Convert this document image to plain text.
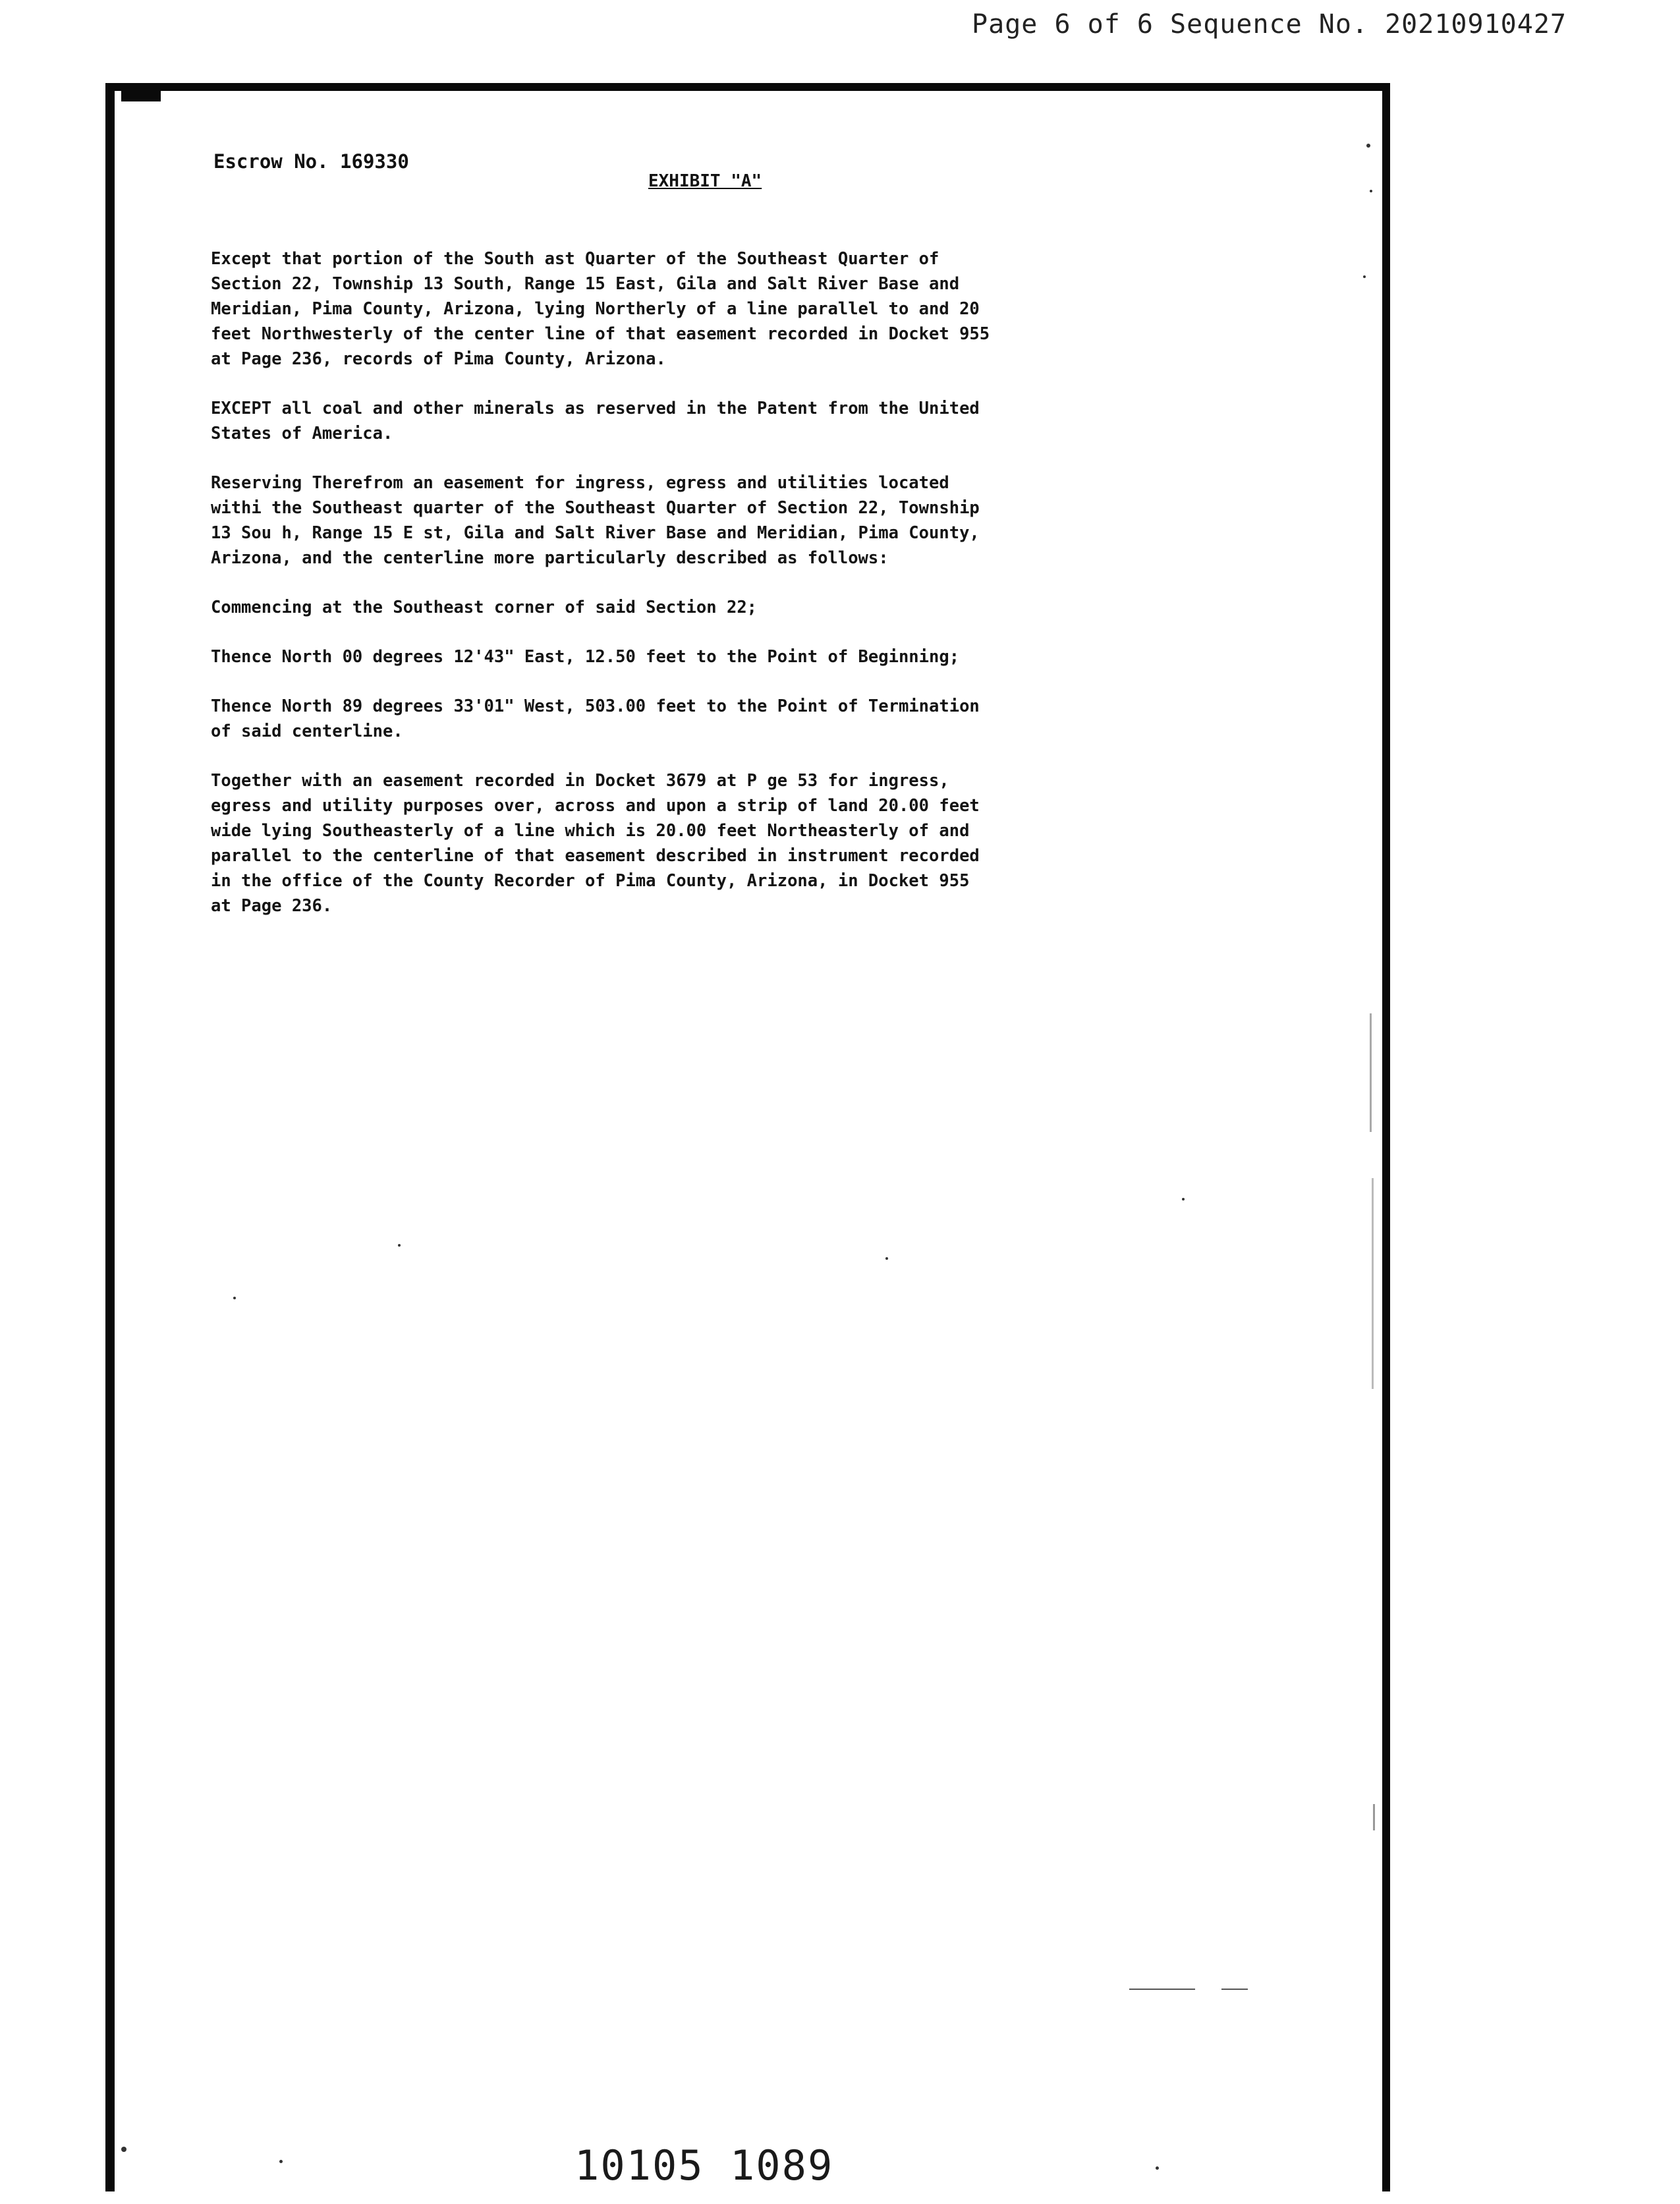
Page 6 of 6 Sequence No. 20210910427
Escrow No. 169330
EXHIBIT "A"

Except that portion of the South ast Quarter of the Southeast Quarter of
Section 22, Township 13 South, Range 15 East, Gila and Salt River Base and
Meridian, Pima County, Arizona, lying Northerly of a line parallel to and 20
feet Northwesterly of the center line of that easement recorded in Docket 955
at Page 236, records of Pima County, Arizona.

EXCEPT all coal and other minerals as reserved in the Patent from the United
States of America.

Reserving Therefrom an easement for ingress, egress and utilities located
withi the Southeast quarter of the Southeast Quarter of Section 22, Township
13 Sou h, Range 15 E st, Gila and Salt River Base and Meridian, Pima County,
Arizona, and the centerline more particularly described as follows:

Commencing at the Southeast corner of said Section 22;

Thence North 00 degrees 12'43" East, 12.50 feet to the Point of Beginning;

Thence North 89 degrees 33'01" West, 503.00 feet to the Point of Termination
of said centerline.

Together with an easement recorded in Docket 3679 at P ge 53 for ingress,
egress and utility purposes over, across and upon a strip of land 20.00 feet
wide lying Southeasterly of a line which is 20.00 feet Northeasterly of and
parallel to the centerline of that easement described in instrument recorded
in the office of the County Recorder of Pima County, Arizona, in Docket 955
at Page 236.

10105 1089
